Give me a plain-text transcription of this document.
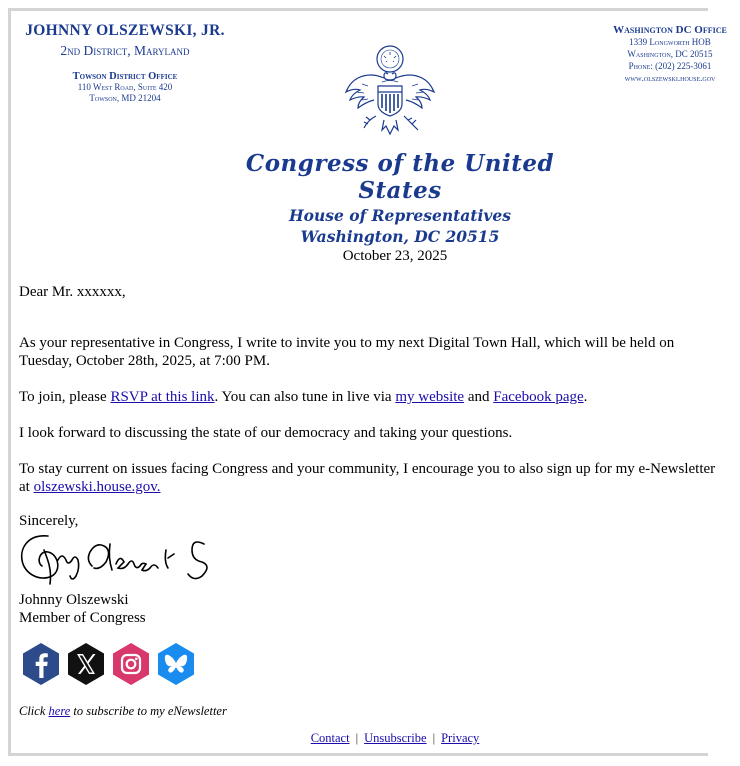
JOHNNY OLSZEWSKI, JR.
2nd District, Maryland
Towson District Office
110 West Road, Suite 420
Towson, MD 21204
Washington DC Office
1339 Longworth HOB
Washington, DC 20515
Phone: (202) 225-3061
www.olszewski.house.gov
Congress of the United States
House of Representatives
Washington, DC 20515
October 23, 2025
Dear Mr. xxxxxx,
As your representative in Congress, I write to invite you to my next Digital Town Hall, which will be held on
Tuesday, October 28th, 2025, at 7:00 PM.
To join, please RSVP at this link. You can also tune in live via my website and Facebook page.
I look forward to discussing the state of our democracy and taking your questions.
To stay current on issues facing Congress and your community, I encourage you to also sign up for my e-Newsletter
at olszewski.house.gov.
Sincerely,
Johnny Olszewski
Member of Congress
Click here to subscribe to my eNewsletter
Contact | Unsubscribe | Privacy
